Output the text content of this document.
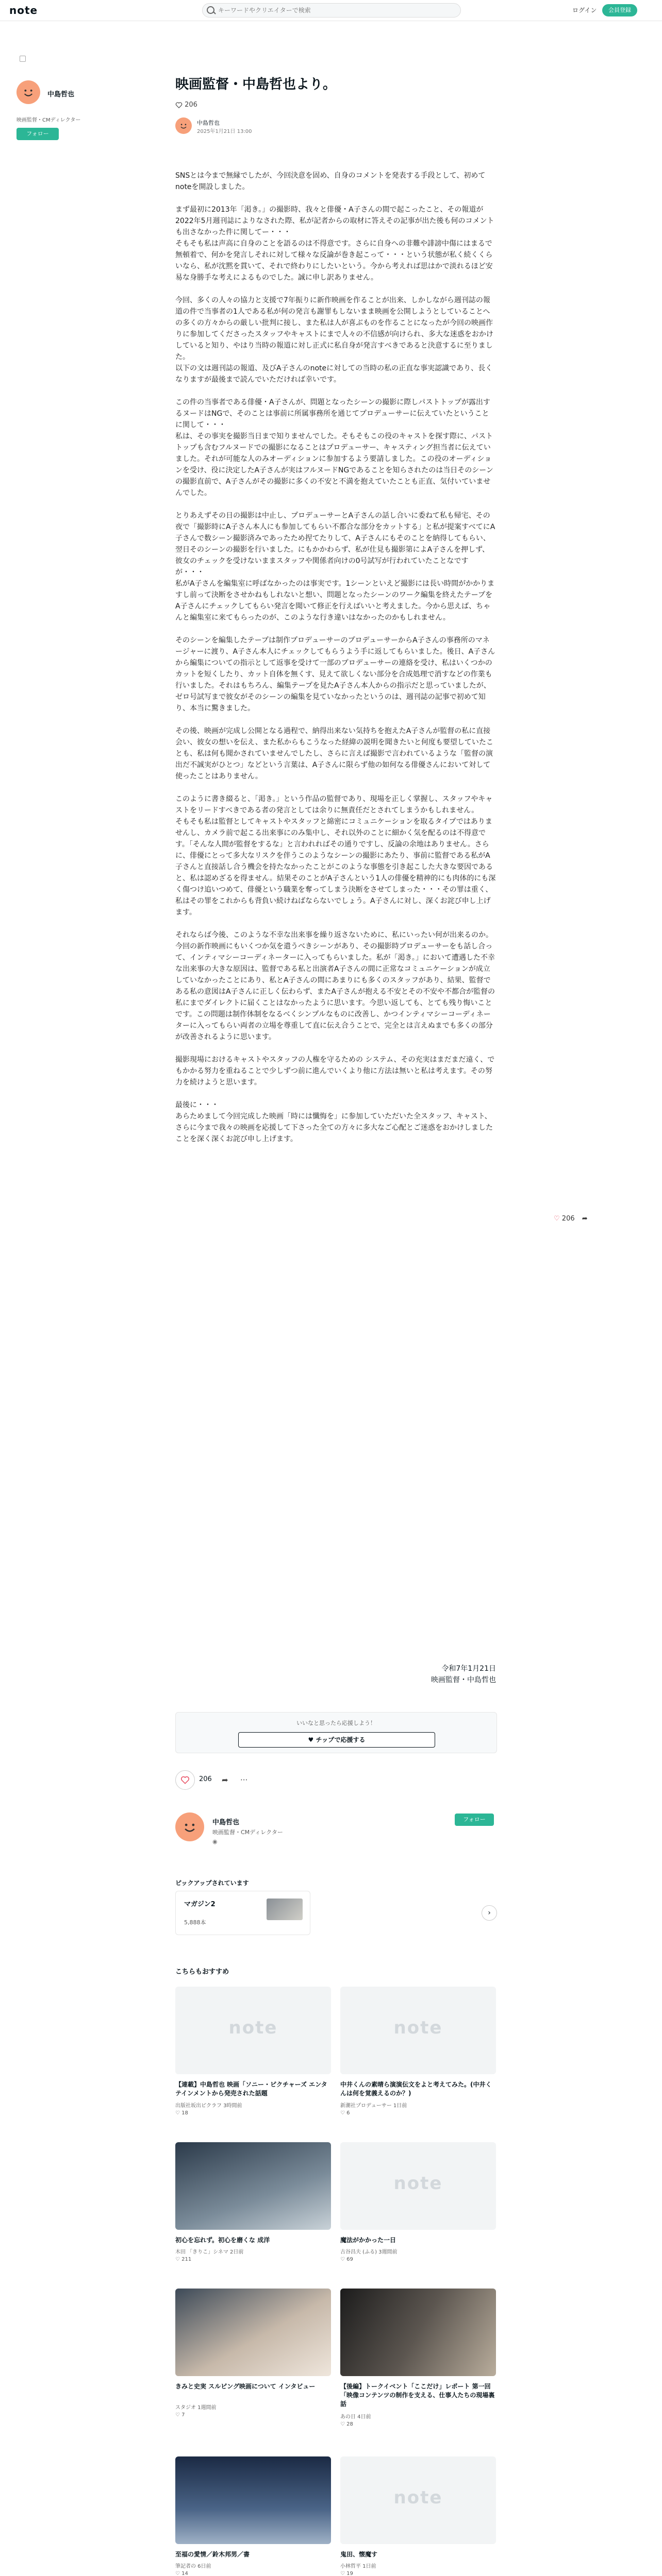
note
キーワードやクリエイターで検索	ログイン	会員登録
中島哲也
映画監督・CMディレクター
フォロー
映画監督・中島哲也より。
206
中島哲也
2025年1月21日 13:00

SNSとは今まで無縁でしたが、今回決意を固め、自身のコメントを発表する手段として、初めてnoteを開設しました。

まず最初に2013年「渇き。」の撮影時、我々と俳優・A子さんの間で起こったこと、その報道が2022年5月週刊誌によりなされた際、私が記者からの取材に答えその記事が出た後も何のコメントも出さなかった件に関してー・・・
そもそも私は声高に自身のことを語るのは不得意です。さらに自身への非難や誹謗中傷にはまるで無頓着で、何かを発言しそれに対して様々な反論が巻き起こって・・・という状態が私く続くくらいなら、私が沈黙を貫いて、それで終わりにしたいという。今から考えれば思はかで淡れるほど安易な身勝手な考えによるものでした。誠に申し訳ありません。

今回、多くの人々の協力と支援で7年振りに新作映画を作ることが出来、しかしながら週刊誌の報道の件で当事者の1人である私が何の発言も謝罪もしないまま映画を公開しようとしていることへの多くの方々からの厳しい批判に接し、また私は人が喜ぶものを作ることになったが今回の映画作りに参加してくださったスタッフやキャストにまで人々の不信感が向けられ、多大な迷惑をおかけしていると知り、やはり当時の報道に対し正式に私自身が発言すべきであると決意するに至りました。
以下の文は週刊誌の報道、及びA子さんのnoteに対しての当時の私の正直な事実認識であり、長くなりますが最後まで読んでいただければ幸いです。

この件の当事者である俳優・A子さんが、問題となったシーンの撮影に際しパストトップが露出するヌードはNGで、そのことは事前に所属事務所を通じてプロデューサーに伝えていたということに関して・・・
私は、その事実を撮影当日まで知りませんでした。そもそもこの役のキャストを探す際に、パストトップも含むフルヌードでの撮影になることはプロデューサー、キャスティング担当者に伝えていました。それが可能な人のみオーディションに参加するよう要請しました。この役のオーディションを受け、役に決定したA子さんが実はフルヌードNGであることを知らされたのは当日そのシーンの撮影直前で、A子さんがその撮影に多くの不安と不満を抱えていたことも正直、気付いていませんでした。

とりあえずその日の撮影は中止し、プロデューサーとA子さんの話し合いに委ねて私も帰宅、その夜で「撮影時にA子さん本人にも参加してもらい不都合な部分をカットする」と私が提案すべてにA子さんで数シーン撮影済みであったため捏てたりして、A子さんにもそのことを納得してもらい、翌日そのシーンの撮影を行いました。にもかかわらず、私が仕見も撮影第によA子さんを押しず、彼女のチェックを受けないままスタッフや関係者向けの0号試写が行われていたことなですが・・・
私がA子さんを編集室に呼ばなかったのは事実です。1シーンといえど撮影には長い時間がかかりますし前って決断をさせかねもしれないと想い、問題となったシーンのワーク編集を終えたテープをA子さんにチェックしてもらい発言を聞いて修正を行えばいいと考えました。今から思えば、ちゃんと編集室に来てもらったのが、このような行き違いはなかったのかもしれません。

そのシーンを編集したテープは制作プロデューサーのプロデューサーからA子さんの事務所のマネージャーに渡り、A子さん本人にチェックしてもらうよう手に返してもらいました。後日、A子さんから編集についての指示として返事を受けて一部のプロデューサーの連絡を受け、私はいくつかのカットを短くしたり、カット自体を無くす、見えて欲しくない部分を合成処理で消すなどの作業も行いました。それはもちろん、編集テープを見たA子さん本人からの指示だと思っていましたが、ゼロ号試写まで彼女がそのシーンの編集を見ていなかったというのは、週刊誌の記事で初めて知り、本当に驚きました。

その後、映画が完成し公開となる過程で、納得出来ない気持ちを抱えたA子さんが監督の私に直接会い、彼女の想いを伝え、また私からもこうなった経緯の説明を聞きたいと何度も要望していたことも、私は何も聞かされていませんでしたし、さらに言えば撮影で言われているような「監督の演出だ不誠実がひとつ」などという言葉は、A子さんに限らず他の如何なる俳優さんにおいて対して使ったことはありません。

このように書き綴ると、「渇き。」という作品の監督であり、現場を正しく掌握し、スタッフやキャストをリードすべきである者の発言としては余りに無責任だとされてしまうかもしれません。
そもそも私は監督としてキャストやスタッフと綿密にコミュニケーションを取るタイプではありませんし、カメラ前で起こる出来事にのみ集中し、それ以外のことに細かく気を配るのは不得意です。「そんな人間が監督をするな」と言われればその通りですし、反論の余地はありません。さらに、俳優にとって多大なリスクを伴うこのようなシーンの撮影にあたり、事前に監督である私がA子さんと直接話し合う機会を持たなかったことがこのような事態を引き起こした大きな要因であると、私は認めざるを得ません。結果そのことがA子さんという1人の俳優を精神的にも肉体的にも深く傷つけ追いつめて、俳優という職業を奪ってしまう決断をさせてしまった・・・その罪は重く、私はその罪をこれからも背負い続けねばならないでしょう。A子さんに対し、深くお詫び申し上げます。

それならば今後、このような不幸な出来事を繰り返さないために、私にいったい何が出来るのか。今回の新作映画にもいくつか気を遣うべきシーンがあり、その撮影時プロデューサーをも話し合って、インティマシーコーディネーターに入ってもらいました。私が「渇き。」において遭遇した不幸な出来事の大きな原因は、監督である私と出演者A子さんの間に正常なコミュニケーションが成立していなかったことにあり、私とA子さんの間にあまりにも多くのスタッフがあり、結果、監督である私の意図はA子さんに正しく伝わらず、またA子さんが抱える不安とその不安や不都合が監督の私にまでダイレクトに届くことはなかったように思います。今思い返しても、とても残り悔いことです。この問題は制作体制をなるべくシンプルなものに改善し、かつインティマシーコーディネーターに入ってもらい両者の立場を尊重して直に伝え合うことで、完全とは言えぬまでも多くの部分が改善されるように思います。

撮影現場におけるキャストやスタッフの人権を守るための システム、その充実はまだまだ遠く、でもかかる努力を重ねることで少しずつ前に進んでいくより他に方法は無いと私は考えます。その努力を続けようと思います。

最後に・・・
あらためまして今回完成した映画「時には懺悔を」に参加していただいた全スタッフ、キャスト、さらに今まで我々の映画を応援して下さった全ての方々に多大なご心配とご迷惑をおかけしましたことを深く深くお詫び申し上げます。

令和7年1月21日
映画監督・中島哲也
いいなと思ったら応援しよう！
♥ チップで応援する
206 ➦ ···
中島哲也
映画監督・CMディレクター
◉
フォロー
ピックアップされています
マガジン2
5,888本
›
こちらもおすすめ
note
【連載】中島哲也 映画「ソニー・ピクチャーズ エンタテインメントから発売された話題
出版社坂出ピクラフ 3時間前
♡ 18
note
中井くんの素晴ら演演伝文をよと考えてみた。(中井くんは何を覚義えるのか？)
新潮社プロデューサー 1日前
♡ 6
初心を忘れず。初心を磨くな 成洋
木田 「きりこ」シネマ 2日前
♡ 211
note
魔法がかかった一日
古谷昌夫 (ふる) 3週間前
♡ 69
きみと史実 スルピング映画について インタビュー
スタジオ 1週間前
♡ 7
【後編】トークイベント「ここだけ」レポート 第一回「映像コンテンツの制作を支える、仕事人たちの現場裏話
あの日 4日前
♡ 28
至福の愛情／鈴木邦男／書
筆記者の 6日前
♡ 14
note
鬼田、懐魔す
小林哲平 1日前
♡ 19
♡ 206 ➦
